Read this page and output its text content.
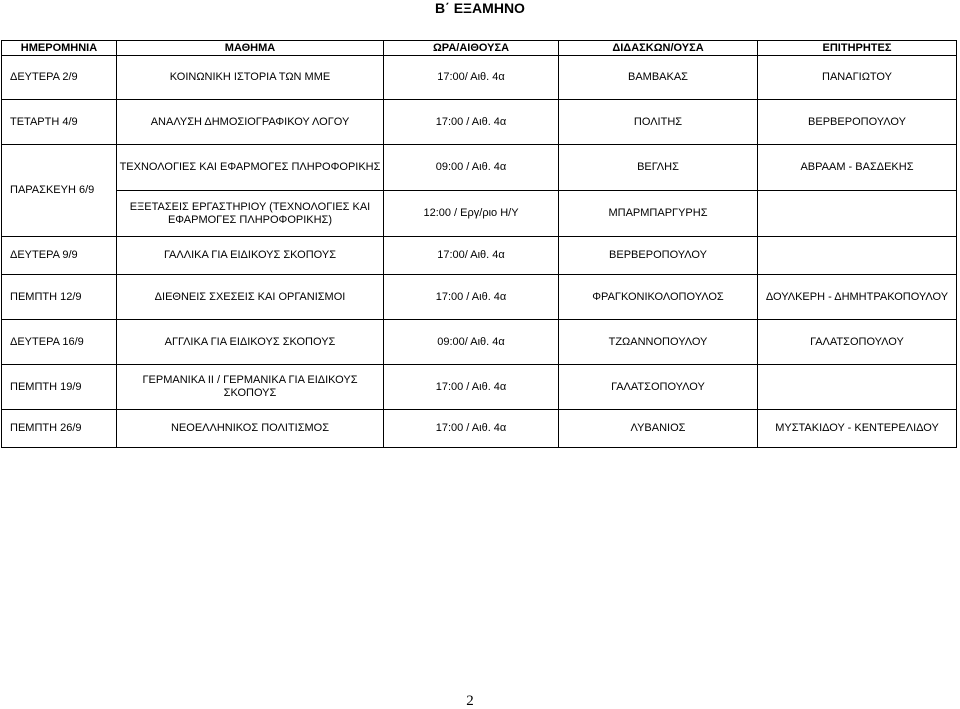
Β΄ ΕΞΑΜΗΝΟ
ΗΜΕΡΟΜΗΝΙΑ	ΜΑΘΗΜΑ	ΩΡΑ/ΑΙΘΟΥΣΑ	ΔΙΔΑΣΚΩΝ/ΟΥΣΑ	ΕΠΙΤΗΡΗΤΕΣ
ΔΕΥΤΕΡΑ 2/9	ΚΟΙΝΩΝΙΚΗ ΙΣΤΟΡΙΑ ΤΩΝ ΜΜΕ	17:00/ Αιθ. 4α	ΒΑΜΒΑΚΑΣ	ΠΑΝΑΓΙΩΤΟΥ
ΤΕΤΑΡΤΗ 4/9	ΑΝΑΛΥΣΗ ΔΗΜΟΣΙΟΓΡΑΦΙΚΟΥ ΛΟΓΟΥ	17:00 / Αιθ. 4α	ΠΟΛΙΤΗΣ	ΒΕΡΒΕΡΟΠΟΥΛΟΥ
ΠΑΡΑΣΚΕΥΗ 6/9	ΤΕΧΝΟΛΟΓΙΕΣ ΚΑΙ ΕΦΑΡΜΟΓΕΣ ΠΛΗΡΟΦΟΡΙΚΗΣ	09:00 / Αιθ. 4α	ΒΕΓΛΗΣ	ΑΒΡΑΑΜ - ΒΑΣΔΕΚΗΣ
	ΕΞΕΤΑΣΕΙΣ ΕΡΓΑΣΤΗΡΙΟΥ (ΤΕΧΝΟΛΟΓΙΕΣ ΚΑΙ ΕΦΑΡΜΟΓΕΣ ΠΛΗΡΟΦΟΡΙΚΗΣ)	12:00 / Εργ/ριο Η/Υ	ΜΠΑΡΜΠΑΡΓΥΡΗΣ	
ΔΕΥΤΕΡΑ 9/9	ΓΑΛΛΙΚΑ ΓΙΑ ΕΙΔΙΚΟΥΣ ΣΚΟΠΟΥΣ	17:00/ Αιθ. 4α	ΒΕΡΒΕΡΟΠΟΥΛΟΥ	
ΠΕΜΠΤΗ 12/9	ΔΙΕΘΝΕΙΣ ΣΧΕΣΕΙΣ ΚΑΙ ΟΡΓΑΝΙΣΜΟΙ	17:00 / Αιθ. 4α	ΦΡΑΓΚΟΝΙΚΟΛΟΠΟΥΛΟΣ	ΔΟΥΛΚΕΡΗ - ΔΗΜΗΤΡΑΚΟΠΟΥΛΟΥ
ΔΕΥΤΕΡΑ 16/9	ΑΓΓΛΙΚΑ ΓΙΑ ΕΙΔΙΚΟΥΣ ΣΚΟΠΟΥΣ	09:00/ Αιθ. 4α	ΤΖΩΑΝΝΟΠΟΥΛΟΥ	ΓΑΛΑΤΣΟΠΟΥΛΟΥ
ΠΕΜΠΤΗ 19/9	ΓΕΡΜΑΝΙΚΑ ΙΙ / ΓΕΡΜΑΝΙΚΑ ΓΙΑ ΕΙΔΙΚΟΥΣ ΣΚΟΠΟΥΣ	17:00 / Αιθ. 4α	ΓΑΛΑΤΣΟΠΟΥΛΟΥ	
ΠΕΜΠΤΗ 26/9	ΝΕΟΕΛΛΗΝΙΚΟΣ ΠΟΛΙΤΙΣΜΟΣ	17:00 / Αιθ. 4α	ΛΥΒΑΝΙΟΣ	ΜΥΣΤΑΚΙΔΟΥ - ΚΕΝΤΕΡΕΛΙΔΟΥ
2
